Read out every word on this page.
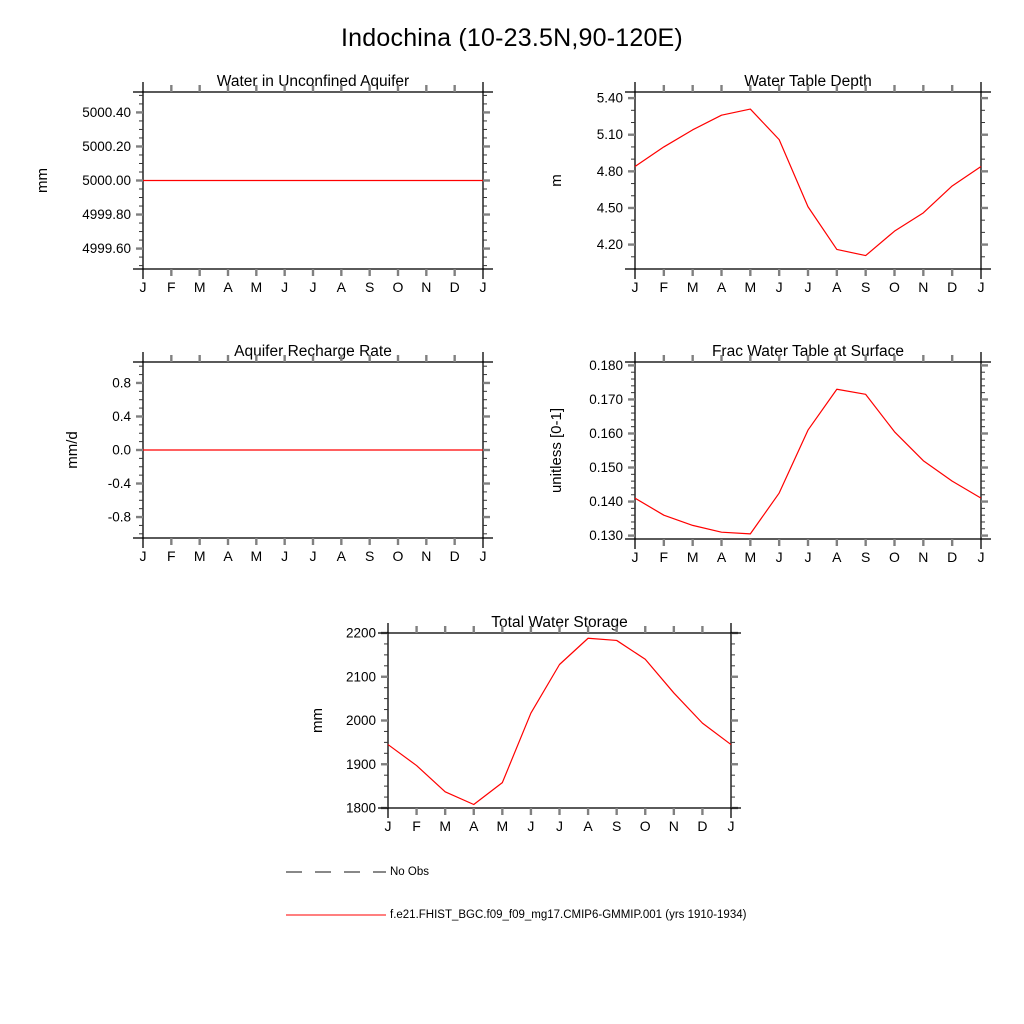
Indochina (10-23.5N,90-120E)
Water in Unconfined Aquifer
mm
4999.60
4999.80
5000.00
5000.20
5000.40
J F M A M J J A S O N D J
Water Table Depth
m
4.20
4.50
4.80
5.10
5.40
J F M A M J J A S O N D J
Aquifer Recharge Rate
mm/d
-0.8
-0.4
0.0
0.4
0.8
J F M A M J J A S O N D J
Frac Water Table at Surface
unitless [0-1]
0.130
0.140
0.150
0.160
0.170
0.180
J F M A M J J A S O N D J
Total Water Storage
mm
1800
1900
2000
2100
2200
J F M A M J J A S O N D J
No Obs
f.e21.FHIST_BGC.f09_f09_mg17.CMIP6-GMMIP.001 (yrs 1910-1934)
